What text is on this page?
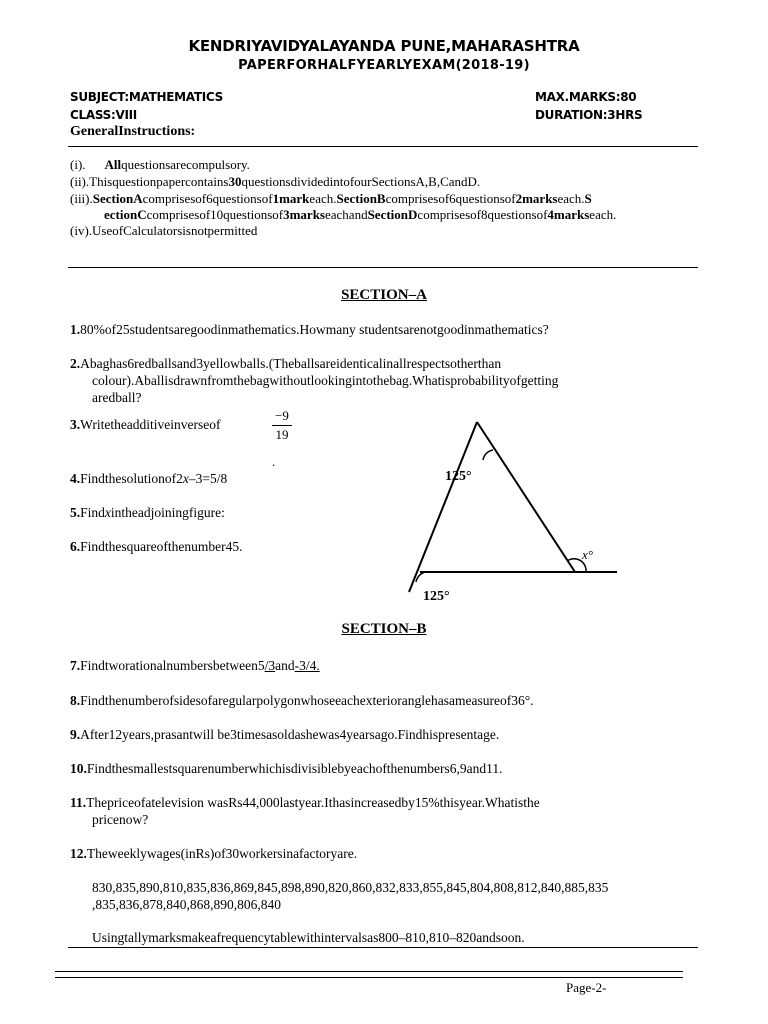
KENDRIYAVIDYALAYANDA PUNE,MAHARASHTRA
PAPERFORHALFYEARLYEXAM(2018-19)
SUBJECT:MATHEMATICS	MAX.MARKS:80
CLASS:VIII	DURATION:3HRS
GeneralInstructions:
(i). Allquestionsarecompulsory.
(ii).Thisquestionpapercontains30questionsdividedintofourSectionsA,B,CandD.
(iii).SectionAcomprisesof6questionsof1markeach.SectionBcomprisesof6questionsof2markseach.S
ectionCcomprisesof10questionsof3markseachandSectionDcomprisesof8questionsof4markseach.
(iv).UseofCalculatorsisnotpermitted
SECTION–A
1.80%of25studentsaregoodinmathematics.Howmany studentsarenotgoodinmathematics?
2.Abaghas6redballsand3yellowballs.(Theballsareidenticalinallrespectsotherthan
colour).Aballisdrawnfromthebagwithoutlookingintothebag.Whatisprobabilityofgetting
aredball?
3.Writetheadditiveinverseof
−9
19
.
4.Findthesolutionof2x–3=5/8
5.Findxintheadjoiningfigure:
6.Findthesquareofthenumber45.
125°
125°
x°
SECTION–B
7.Findtworationalnumbersbetween5/3and-3/4.
8.Findthenumberofsidesofaregularpolygonwhoseeachexterioranglehasameasureof36°.
9.After12years,prasantwill be3timesasoldashewas4yearsago.Findhispresentage.
10.Findthesmallestsquarenumberwhichisdivisiblebyeachofthenumbers6,9and11.
11.Thepriceofatelevision wasRs44,000lastyear.Ithasincreasedby15%thisyear.Whatisthe
pricenow?
12.Theweeklywages(inRs)of30workersinafactoryare.
830,835,890,810,835,836,869,845,898,890,820,860,832,833,855,845,804,808,812,840,885,835
,835,836,878,840,868,890,806,840
Usingtallymarksmakeafrequencytablewithintervalsas800–810,810–820andsoon.
Page-2-
